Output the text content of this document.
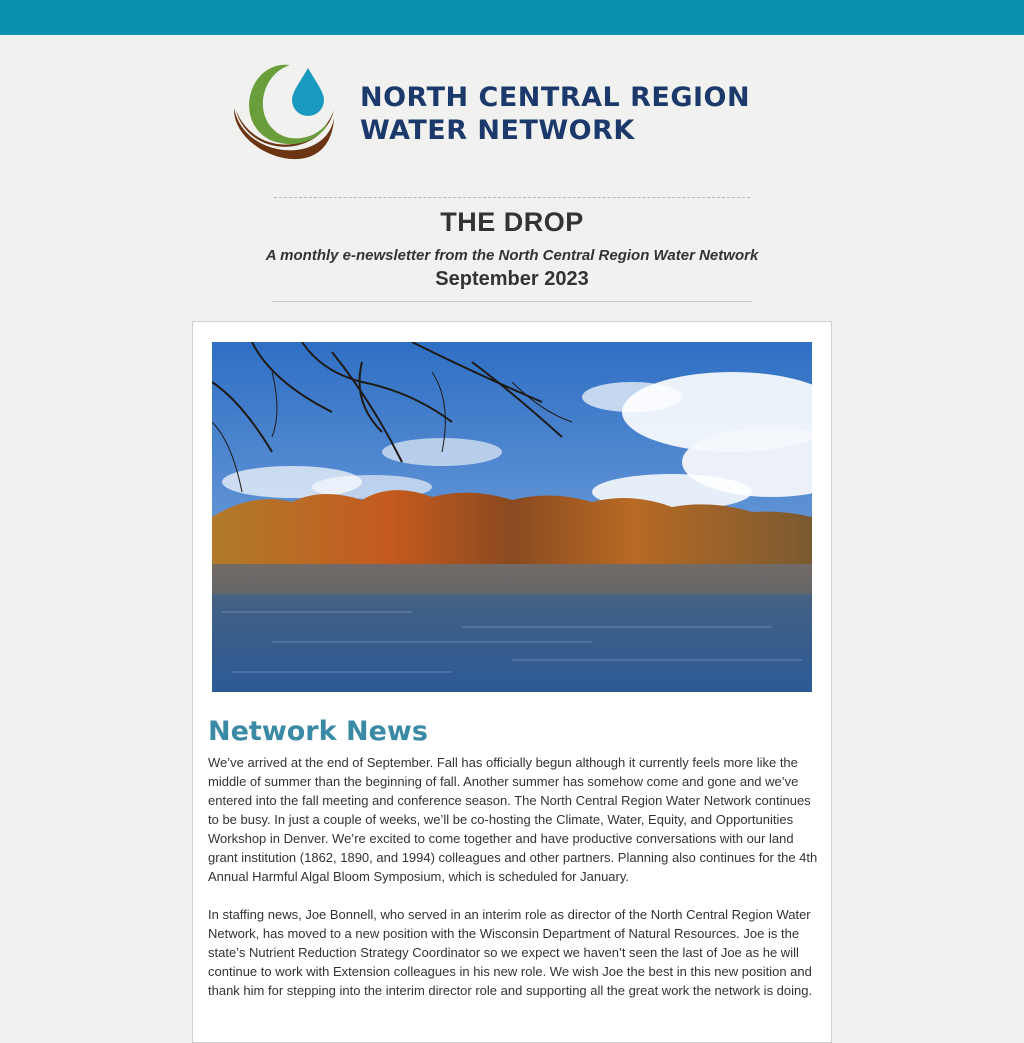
NORTH CENTRAL REGION
WATER NETWORK
THE DROP
A monthly e-newsletter from the North Central Region Water Network
September 2023
Network News
We’ve arrived at the end of September. Fall has officially begun although it currently feels more like the middle of summer than the beginning of fall. Another summer has somehow come and gone and we’ve entered into the fall meeting and conference season. The North Central Region Water Network continues to be busy. In just a couple of weeks, we’ll be co-hosting the Climate, Water, Equity, and Opportunities Workshop in Denver. We’re excited to come together and have productive conversations with our land grant institution (1862, 1890, and 1994) colleagues and other partners. Planning also continues for the 4th Annual Harmful Algal Bloom Symposium, which is scheduled for January.
In staffing news, Joe Bonnell, who served in an interim role as director of the North Central Region Water Network, has moved to a new position with the Wisconsin Department of Natural Resources. Joe is the state’s Nutrient Reduction Strategy Coordinator so we expect we haven’t seen the last of Joe as he will continue to work with Extension colleagues in his new role. We wish Joe the best in this new position and thank him for stepping into the interim director role and supporting all the great work the network is doing.
